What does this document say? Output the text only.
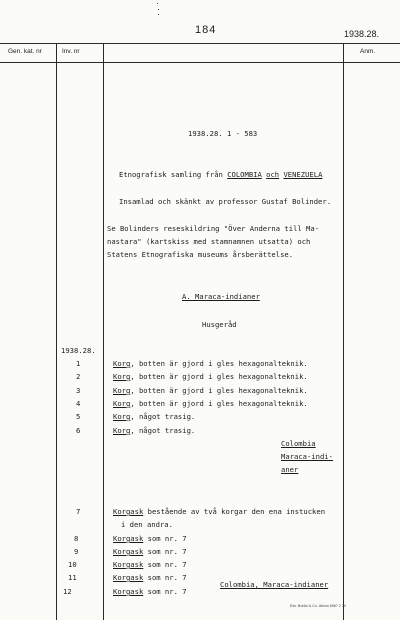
184	1938.28.
Gen. kat. nr	Inv. nr	Anm.
1938.28. 1 - 583
Etnografisk samling från COLOMBIA och VENEZUELA
Insamlad och skänkt av professor Gustaf Bolinder.
Se Bolinders reseskildring "Över Anderna till Ma-
nastara" (kartskiss med stamnamnen utsatta) och
Statens Etnografiska museums årsberättelse.
A. Maraca-indianer
Husgeråd
1938.28.
1	Korg, botten är gjord i gles hexagonalteknik.
2	Korg, botten är gjord i gles hexagonalteknik.
3	Korg, botten är gjord i gles hexagonalteknik.
4	Korg, botten är gjord i gles hexagonalteknik.
5	Korg, något trasig.
6	Korg, något trasig.
Colombia
Maraca-indi-
aner
7	Korgask bestående av två korgar den ena instucken
i den andra.
8	Korgask som nr. 7
9	Korgask som nr. 7
10	Korgask som nr. 7
11	Korgask som nr. 7
12	Korgask som nr. 7
Colombia, Maraca-indianer
Edv. Bohlin & Co. Ab/sm 8967 2 70
